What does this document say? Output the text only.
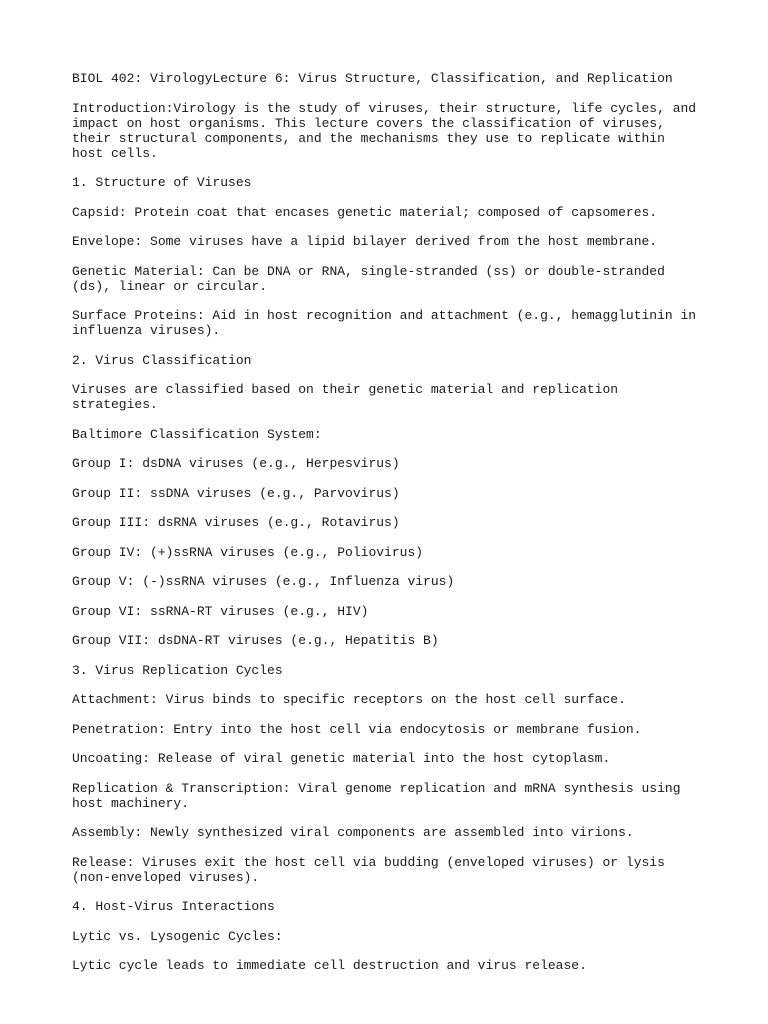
BIOL 402: VirologyLecture 6: Virus Structure, Classification, and Replication

Introduction:Virology is the study of viruses, their structure, life cycles, and impact on host organisms. This lecture covers the classification of viruses, their structural components, and the mechanisms they use to replicate within host cells.

1. Structure of Viruses

Capsid: Protein coat that encases genetic material; composed of capsomeres.

Envelope: Some viruses have a lipid bilayer derived from the host membrane.

Genetic Material: Can be DNA or RNA, single-stranded (ss) or double-stranded (ds), linear or circular.

Surface Proteins: Aid in host recognition and attachment (e.g., hemagglutinin in influenza viruses).

2. Virus Classification

Viruses are classified based on their genetic material and replication strategies.

Baltimore Classification System:

Group I: dsDNA viruses (e.g., Herpesvirus)

Group II: ssDNA viruses (e.g., Parvovirus)

Group III: dsRNA viruses (e.g., Rotavirus)

Group IV: (+)ssRNA viruses (e.g., Poliovirus)

Group V: (-)ssRNA viruses (e.g., Influenza virus)

Group VI: ssRNA-RT viruses (e.g., HIV)

Group VII: dsDNA-RT viruses (e.g., Hepatitis B)

3. Virus Replication Cycles

Attachment: Virus binds to specific receptors on the host cell surface.

Penetration: Entry into the host cell via endocytosis or membrane fusion.

Uncoating: Release of viral genetic material into the host cytoplasm.

Replication & Transcription: Viral genome replication and mRNA synthesis using host machinery.

Assembly: Newly synthesized viral components are assembled into virions.

Release: Viruses exit the host cell via budding (enveloped viruses) or lysis (non-enveloped viruses).

4. Host-Virus Interactions

Lytic vs. Lysogenic Cycles:

Lytic cycle leads to immediate cell destruction and virus release.
